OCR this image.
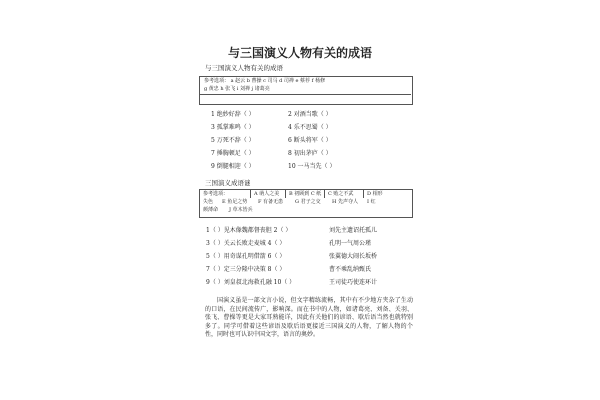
与三国演义人物有关的成语
与三国演义人物有关的成语
参考选项： a 赵云 b 曹操 c 司马 d 司禅 e 蔡荐 f 杨修
g 黄忠 h 张飞 i 刘禅 j 诸葛亮
1 绝妙好辞（ ）	2 对酒当歌（ ）
3 孤掌难鸣（ ）	4 乐不思蜀（ ）
5 万死不辞（ ）	6 断头将军（ ）
7 捶胸顿足（ ）	8 初出茅庐（ ）
9 倒腿相迎（ ）	10 一马当先（ ）
三国演义成语谜
参考选项：	A 萌人之美 B 初顾到 C 纸 C 贻之不武	D 相形
失色 E 鱼足之势 F 有备无患 G 君子之交 H 先声夺人 I 红
颜薄命 J 草木皆兵
1（ ）见木像魏都督丧胆 2（ ）	刘先主遗诏托孤儿
3（ ）关云长败走麦城 4（ ）	孔明一气周公瑾
5（ ）用奇谋孔明借箭 6（ ）	张翼德大闹长坂桥
7（ ）定三分隆中决策 8（ ）	曹不乘乱纳甄氏
9（ ）刘皇叔北海救孔融 10（ ）	王司徒巧使连环计
国演义虽是一部文言小说，但文字精练流畅，其中有不少地方夹杂了生动的口语，在民间流传广，影响深。而在书中的人物，如诸葛亮、刘备、关羽、张飞、曹操等更是大家耳熟能详，因此有关他们的谚语、歇后语当然也就特别多了。同学可借着这些谚语及歇后语更接近三国演义的人物，了解人物的个性，同时也可认识中国文字，语言的奥妙。
